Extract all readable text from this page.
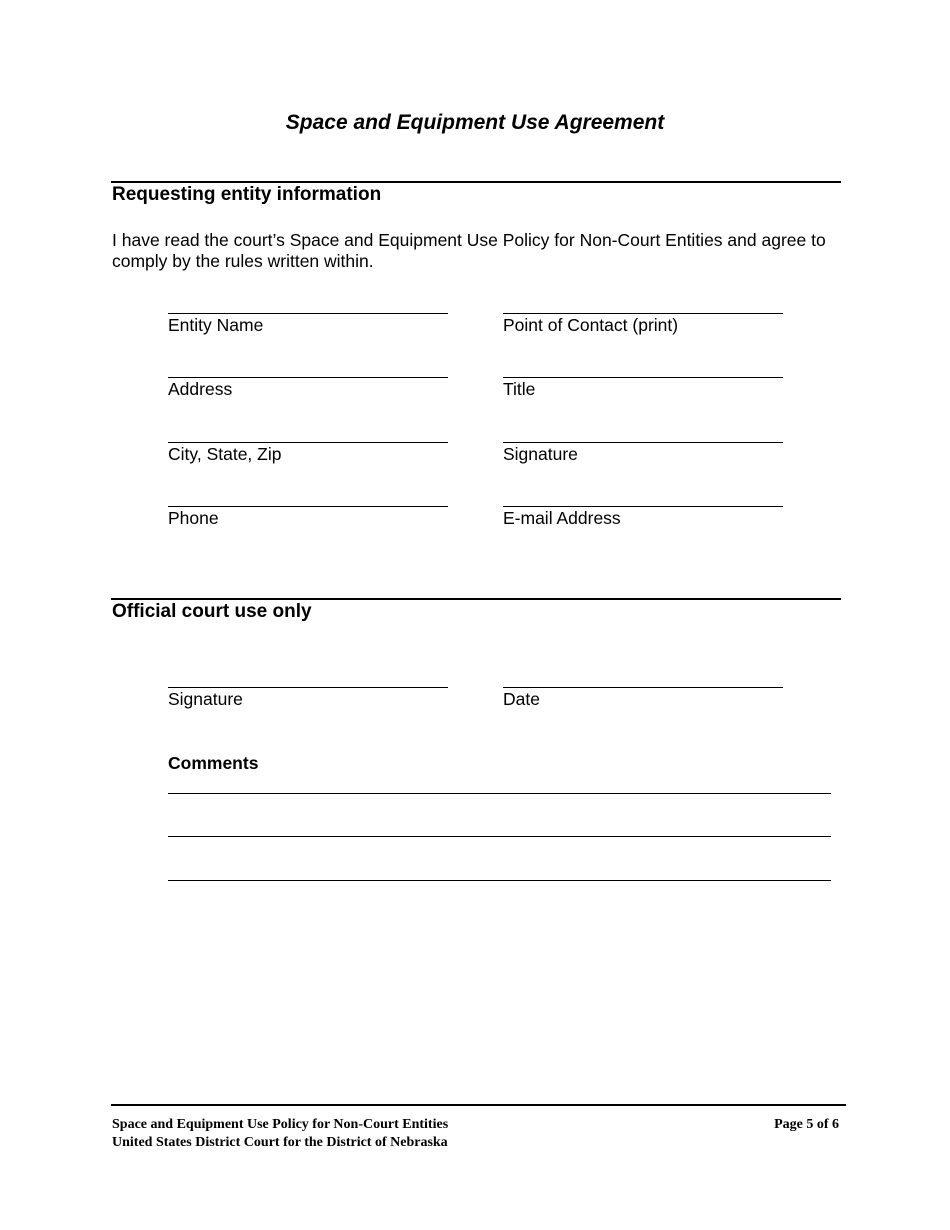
Space and Equipment Use Agreement
Requesting entity information

I have read the court’s Space and Equipment Use Policy for Non-Court Entities and agree to comply by the rules written within.

Entity Name	Point of Contact (print)
Address	Title
City, State, Zip	Signature
Phone	E-mail Address
Official court use only
Signature	Date
Comments
Space and Equipment Use Policy for Non-Court Entities
United States District Court for the District of Nebraska
Page 5 of 6
